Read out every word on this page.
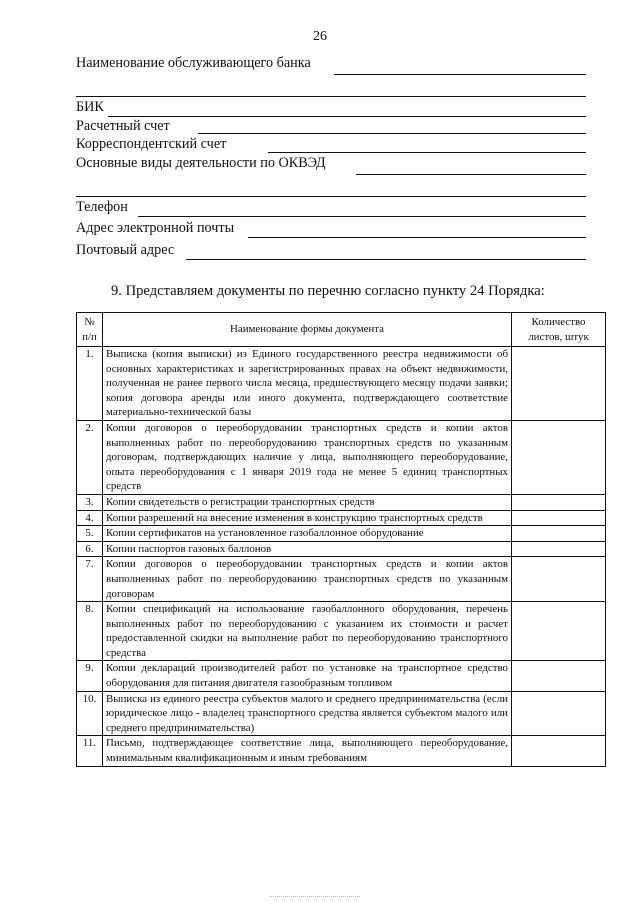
26
Наименование обслуживающего банка
БИК
Расчетный счет
Корреспондентский счет
Основные виды деятельности по ОКВЭД
Телефон
Адрес электронной почты
Почтовый адрес
9. Представляем документы по перечню согласно пункту 24 Порядка:
№ п/п	Наименование формы документа	Количество листов, штук
1.	Выписка (копия выписки) из Единого государственного реестра недвижимости об основных характеристиках и зарегистрированных правах на объект недвижимости, полученная не ранее первого числа месяца, предшествующего месяцу подачи заявки; копия договора аренды или иного документа, подтверждающего соответствие материально-технической базы	
2.	Копии договоров о переоборудовании транспортных средств и копии актов выполненных работ по переоборудованию транспортных средств по указанным договорам, подтверждающих наличие у лица, выполняющего переоборудование, опыта переоборудования с 1 января 2019 года не менее 5 единиц транспортных средств	
3.	Копии свидетельств о регистрации транспортных средств	
4.	Копии разрешений на внесение изменения в конструкцию транспортных средств	
5.	Копии сертификатов на установленное газобаллонное оборудование	
6.	Копии паспортов газовых баллонов	
7.	Копии договоров о переоборудовании транспортных средств и копии актов выполненных работ по переоборудованию транспортных средств по указанным договорам	
8.	Копии спецификаций на использование газобаллонного оборудования, перечень выполненных работ по переоборудованию с указанием их стоимости и расчет предоставленной скидки на выполнение работ по переоборудованию транспортного средства	
9.	Копии деклараций производителей работ по установке на транспортное средство оборудования для питания двигателя газообразным топливом	
10.	Выписка из единого реестра субъектов малого и среднего предпринимательства (если юридическое лицо - владелец транспортного средства является субъектом малого или среднего предпринимательства)	
11.	Письмо, подтверждающее соответствие лица, выполняющего переоборудование, минимальным квалификационным и иным требованиям	
